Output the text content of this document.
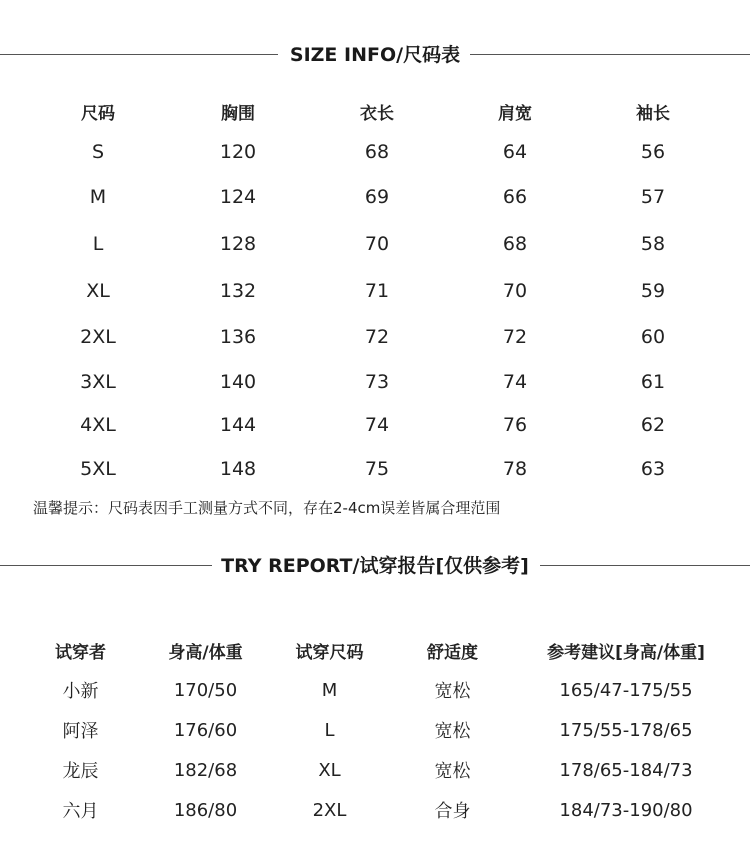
SIZE INFO/尺码表
尺码	胸围	衣长	肩宽	袖长
S	120	68	64	56
M	124	69	66	57
L	128	70	68	58
XL	132	71	70	59
2XL	136	72	72	60
3XL	140	73	74	61
4XL	144	74	76	62
5XL	148	75	78	63
温馨提示：尺码表因手工测量方式不同，存在2-4cm误差皆属合理范围
TRY REPORT/试穿报告[仅供参考]
试穿者	身高/体重	试穿尺码	舒适度	参考建议[身高/体重]
小新	170/50	M	宽松	165/47-175/55
阿泽	176/60	L	宽松	175/55-178/65
龙辰	182/68	XL	宽松	178/65-184/73
六月	186/80	2XL	合身	184/73-190/80
